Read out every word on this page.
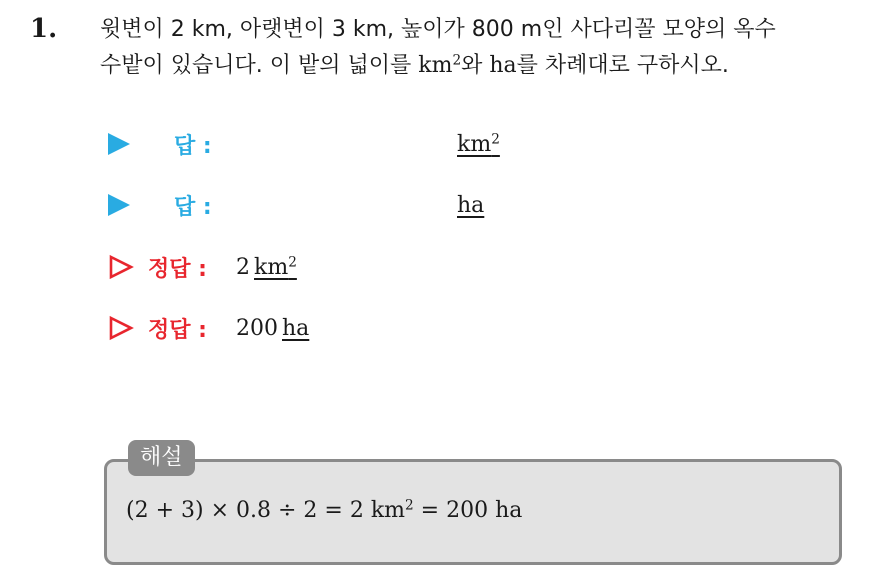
1. 윗변이 2 km, 아랫변이 3 km, 높이가 800 m인 사다리꼴 모양의 옥수
수밭이 있습니다. 이 밭의 넓이를 $km^2$와 ha를 차례대로 구하시오.
답 :	$km^2$
답 :	ha
정답 : 2 $km^2$
정답 : 200 ha
해설
(2 + 3) × 0.8 ÷ 2 = 2 $km^2 = 200$ ha
